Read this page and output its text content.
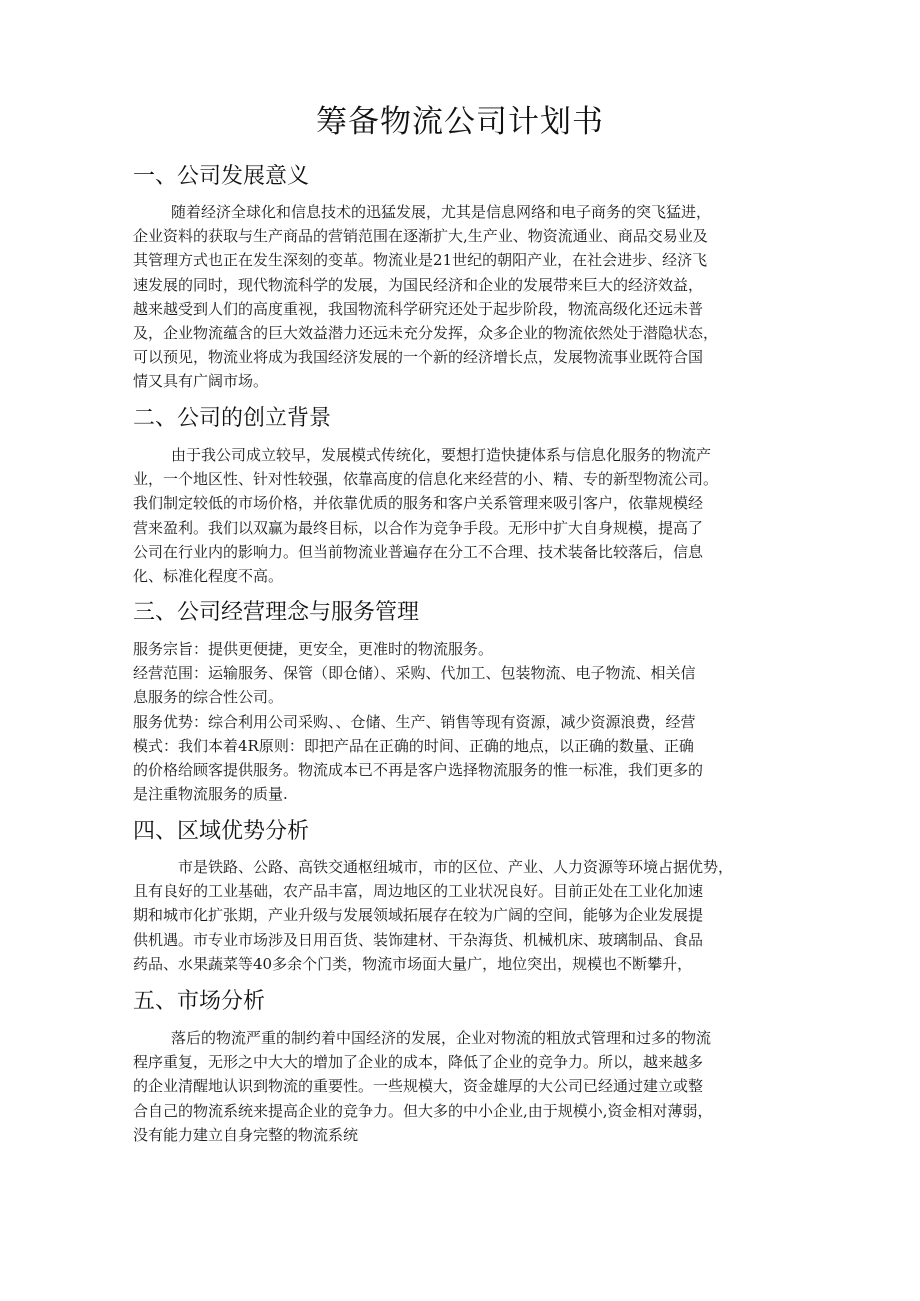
筹备物流公司计划书
一、公司发展意义
随着经济全球化和信息技术的迅猛发展，尤其是信息网络和电子商务的突飞猛进，
企业资料的获取与生产商品的营销范围在逐渐扩大,生产业、物资流通业、商品交易业及
其管理方式也正在发生深刻的变革。物流业是21世纪的朝阳产业，在社会进步、经济飞
速发展的同时，现代物流科学的发展，为国民经济和企业的发展带来巨大的经济效益，
越来越受到人们的高度重视，我国物流科学研究还处于起步阶段，物流高级化还远未普
及，企业物流蕴含的巨大效益潜力还远未充分发挥，众多企业的物流依然处于潜隐状态，
可以预见，物流业将成为我国经济发展的一个新的经济增长点，发展物流事业既符合国
情又具有广阔市场。
二、公司的创立背景
由于我公司成立较早，发展模式传统化，要想打造快捷体系与信息化服务的物流产
业，一个地区性、针对性较强，依靠高度的信息化来经营的小、精、专的新型物流公司。
我们制定较低的市场价格，并依靠优质的服务和客户关系管理来吸引客户，依靠规模经
营来盈利。我们以双赢为最终目标，以合作为竞争手段。无形中扩大自身规模，提高了
公司在行业内的影响力。但当前物流业普遍存在分工不合理、技术装备比较落后，信息
化、标准化程度不高。
三、公司经营理念与服务管理
服务宗旨：提供更便捷，更安全，更准时的物流服务。
经营范围：运输服务、保管（即仓储）、采购、代加工、包装物流、电子物流、相关信
息服务的综合性公司。
服务优势：综合利用公司采购、、仓储、生产、销售等现有资源，减少资源浪费，经营
模式：我们本着4R原则：即把产品在正确的时间、正确的地点，以正确的数量、正确
的价格给顾客提供服务。物流成本已不再是客户选择物流服务的惟一标准，我们更多的
是注重物流服务的质量.
四、区域优势分析
市是铁路、公路、高铁交通枢纽城市，市的区位、产业、人力资源等环境占据优势，
且有良好的工业基础，农产品丰富，周边地区的工业状况良好。目前正处在工业化加速
期和城市化扩张期，产业升级与发展领域拓展存在较为广阔的空间，能够为企业发展提
供机遇。市专业市场涉及日用百货、装饰建材、干杂海货、机械机床、玻璃制品、食品
药品、水果蔬菜等40多余个门类，物流市场面大量广，地位突出，规模也不断攀升，
五、市场分析
落后的物流严重的制约着中国经济的发展，企业对物流的粗放式管理和过多的物流
程序重复，无形之中大大的增加了企业的成本，降低了企业的竞争力。所以，越来越多
的企业清醒地认识到物流的重要性。一些规模大，资金雄厚的大公司已经通过建立或整
合自己的物流系统来提高企业的竞争力。但大多的中小企业,由于规模小,资金相对薄弱，
没有能力建立自身完整的物流系统
